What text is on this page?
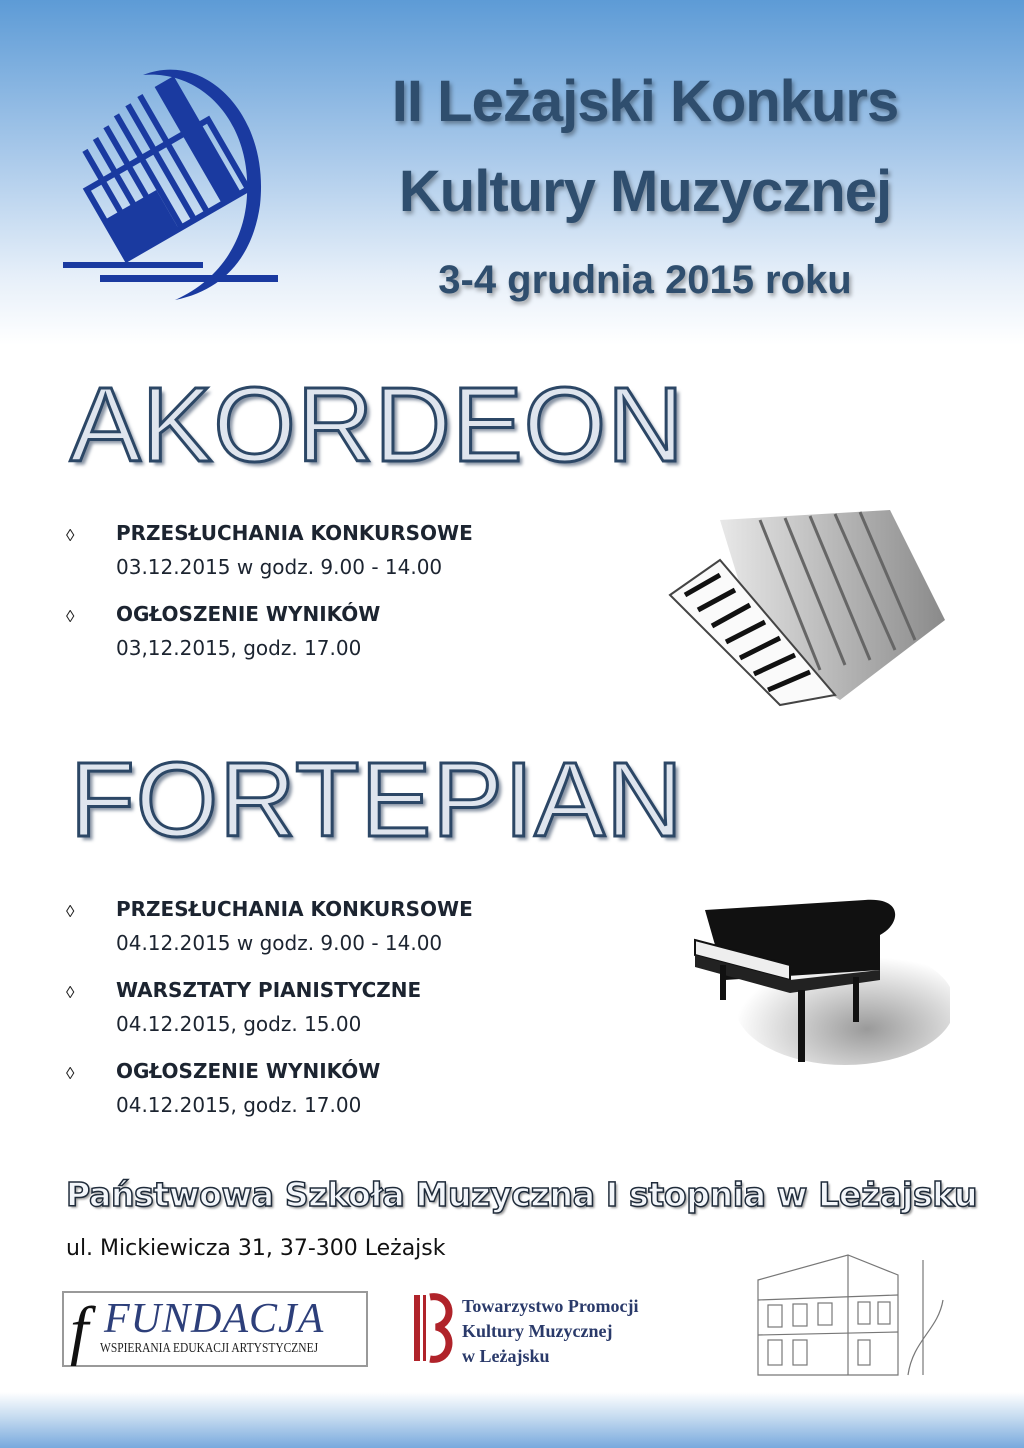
II Leżajski Konkurs
Kultury Muzycznej
3-4 grudnia 2015 roku
AKORDEON
◊ PRZESŁUCHANIA KONKURSOWE
03.12.2015 w godz. 9.00 - 14.00
◊ OGŁOSZENIE WYNIKÓW
03,12.2015, godz. 17.00
FORTEPIAN
◊ PRZESŁUCHANIA KONKURSOWE
04.12.2015 w godz. 9.00 - 14.00
◊ WARSZTATY PIANISTYCZNE
04.12.2015, godz. 15.00
◊ OGŁOSZENIE WYNIKÓW
04.12.2015, godz. 17.00
Państwowa Szkoła Muzyczna I stopnia w Leżajsku
ul. Mickiewicza 31, 37-300 Leżajsk
f FUNDACJA
WSPIERANIA EDUKACJI ARTYSTYCZNEJ
Towarzystwo Promocji
Kultury Muzycznej
w Leżajsku
